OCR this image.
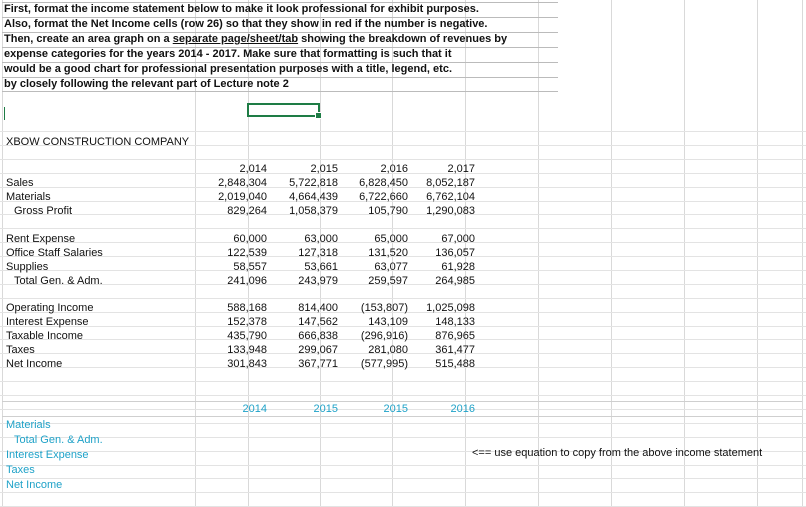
First, format the income statement below to make it look professional for exhibit purposes.
Also, format the Net Income cells (row 26) so that they show in red if the number is negative.
Then, create an area graph on a separate page/sheet/tab showing the breakdown of revenues by
expense categories for the years 2014 - 2017. Make sure that formatting is such that it
would be a good chart for professional presentation purposes with a title, legend, etc.
by closely following the relevant part of Lecture note 2
XBOW CONSTRUCTION COMPANY
2,014	2,015	2,016	2,017
Sales	2,848,304	5,722,818	6,828,450	8,052,187
Materials	2,019,040	4,664,439	6,722,660	6,762,104
Gross Profit	829,264	1,058,379	105,790	1,290,083
Rent Expense	60,000	63,000	65,000	67,000
Office Staff Salaries	122,539	127,318	131,520	136,057
Supplies	58,557	53,661	63,077	61,928
Total Gen. & Adm.	241,096	243,979	259,597	264,985
Operating Income	588,168	814,400	(153,807)	1,025,098
Interest Expense	152,378	147,562	143,109	148,133
Taxable Income	435,790	666,838	(296,916)	876,965
Taxes	133,948	299,067	281,080	361,477
Net Income	301,843	367,771	(577,995)	515,488
2014	2015	2015	2016
Materials
Total Gen. & Adm.
Interest Expense
Taxes
Net Income
<== use equation to copy from the above income statement
